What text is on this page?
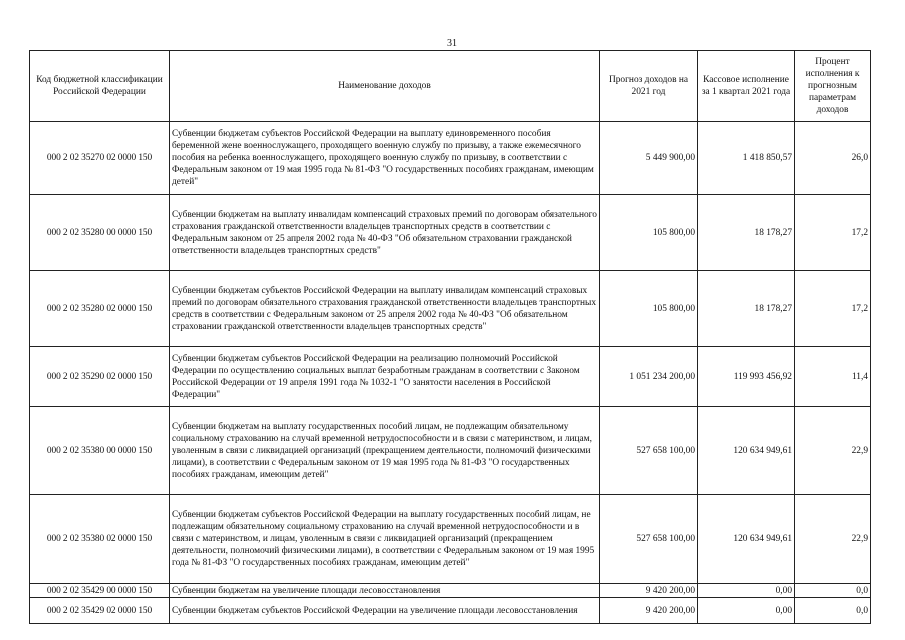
31
Код бюджетной классификации Российской Федерации	Наименование доходов	Прогноз доходов на 2021 год	Кассовое исполнение за 1 квартал 2021 года	Процент исполнения к прогнозным параметрам доходов
000 2 02 35270 02 0000 150	Субвенции бюджетам субъектов Российской Федерации на выплату единовременного пособия беременной жене военнослужащего, проходящего военную службу по призыву, а также ежемесячного пособия на ребенка военнослужащего, проходящего военную службу по призыву, в соответствии с Федеральным законом от 19 мая 1995 года № 81-ФЗ "О государственных пособиях гражданам, имеющим детей"	5 449 900,00	1 418 850,57	26,0
000 2 02 35280 00 0000 150	Субвенции бюджетам на выплату инвалидам компенсаций страховых премий по договорам обязательного страхования гражданской ответственности владельцев транспортных средств в соответствии с Федеральным законом от 25 апреля 2002 года № 40-ФЗ "Об обязательном страховании гражданской ответственности владельцев транспортных средств"	105 800,00	18 178,27	17,2
000 2 02 35280 02 0000 150	Субвенции бюджетам субъектов Российской Федерации на выплату инвалидам компенсаций страховых премий по договорам обязательного страхования гражданской ответственности владельцев транспортных средств в соответствии с Федеральным законом от 25 апреля 2002 года № 40-ФЗ "Об обязательном страховании гражданской ответственности владельцев транспортных средств"	105 800,00	18 178,27	17,2
000 2 02 35290 02 0000 150	Субвенции бюджетам субъектов Российской Федерации на реализацию полномочий Российской Федерации по осуществлению социальных выплат безработным гражданам в соответствии с Законом Российской Федерации от 19 апреля 1991 года № 1032-1 "О занятости населения в Российской Федерации"	1 051 234 200,00	119 993 456,92	11,4
000 2 02 35380 00 0000 150	Субвенции бюджетам на выплату государственных пособий лицам, не подлежащим обязательному социальному страхованию на случай временной нетрудоспособности и в связи с материнством, и лицам, уволенным в связи с ликвидацией организаций (прекращением деятельности, полномочий физическими лицами), в соответствии с Федеральным законом от 19 мая 1995 года № 81-ФЗ "О государственных пособиях гражданам, имеющим детей"	527 658 100,00	120 634 949,61	22,9
000 2 02 35380 02 0000 150	Субвенции бюджетам субъектов Российской Федерации на выплату государственных пособий лицам, не подлежащим обязательному социальному страхованию на случай временной нетрудоспособности и в связи с материнством, и лицам, уволенным в связи с ликвидацией организаций (прекращением деятельности, полномочий физическими лицами), в соответствии с Федеральным законом от 19 мая 1995 года № 81-ФЗ "О государственных пособиях гражданам, имеющим детей"	527 658 100,00	120 634 949,61	22,9
000 2 02 35429 00 0000 150	Субвенции бюджетам на увеличение площади лесовосстановления	9 420 200,00	0,00	0,0
000 2 02 35429 02 0000 150	Субвенции бюджетам субъектов Российской Федерации на увеличение площади лесовосстановления	9 420 200,00	0,00	0,0
